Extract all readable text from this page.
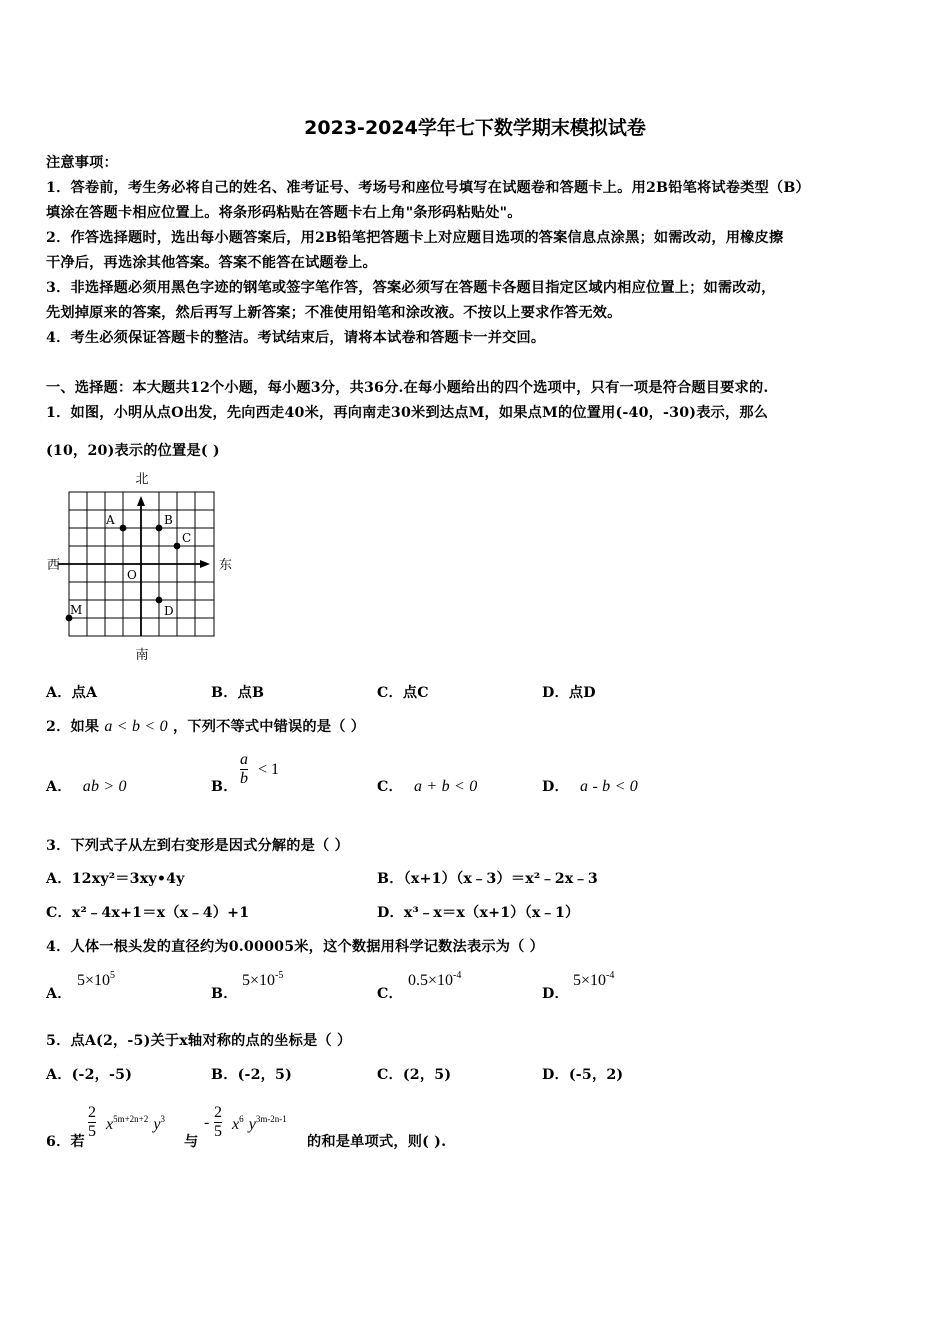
2023-2024学年七下数学期末模拟试卷
注意事项：
1．答卷前，考生务必将自己的姓名、准考证号、考场号和座位号填写在试题卷和答题卡上。用2B铅笔将试卷类型（B）
填涂在答题卡相应位置上。将条形码粘贴在答题卡右上角"条形码粘贴处"。
2．作答选择题时，选出每小题答案后，用2B铅笔把答题卡上对应题目选项的答案信息点涂黑；如需改动，用橡皮擦
干净后，再选涂其他答案。答案不能答在试题卷上。
3．非选择题必须用黑色字迹的钢笔或签字笔作答，答案必须写在答题卡各题目指定区域内相应位置上；如需改动，
先划掉原来的答案，然后再写上新答案；不准使用铅笔和涂改液。不按以上要求作答无效。
4．考生必须保证答题卡的整洁。考试结束后，请将本试卷和答题卡一并交回。
一、选择题：本大题共12个小题，每小题3分，共36分.在每小题给出的四个选项中，只有一项是符合题目要求的.
1．如图，小明从点O出发，先向西走40米，再向南走30米到达点M，如果点M的位置用(-40，-30)表示，那么
(10，20)表示的位置是( )
北
南
西	东
A	B
C
O
M	D
A．点A	B．点B	C．点C	D．点D
2．如果 a < b < 0 ，下列不等式中错误的是（ ）
A． ab > 0	B． $\frac{a}{b} < 1$
C． a + b < 0	D． a - b < 0
3．下列式子从左到右变形是因式分解的是（ ）
A．12xy²＝3xy•4y	B．（x+1）（x﹣3）＝x²﹣2x﹣3
C．x²﹣4x+1＝x（x﹣4）+1	D．x³﹣x＝x（x+1）（x﹣1）
4．人体一根头发的直径约为0.00005米，这个数据用科学记数法表示为（ ）
A．
$5\times 10^5$
B．
$5\times 10^{-5}$
C．
$0.5\times 10^{-4}$
D．
$5\times 10^{-4}$
5．点A(2，-5)关于x轴对称的点的坐标是（ ）
A．(-2，-5)	B．(-2，5)	C．(2，5)	D．(-5，2)
6．若
$\frac{2}{5} x^{5m+2n+2}$ $y^3$
与
- $\frac{2}{5} x^6$ $y^{3m-2n-1}$
的和是单项式，则( ).
